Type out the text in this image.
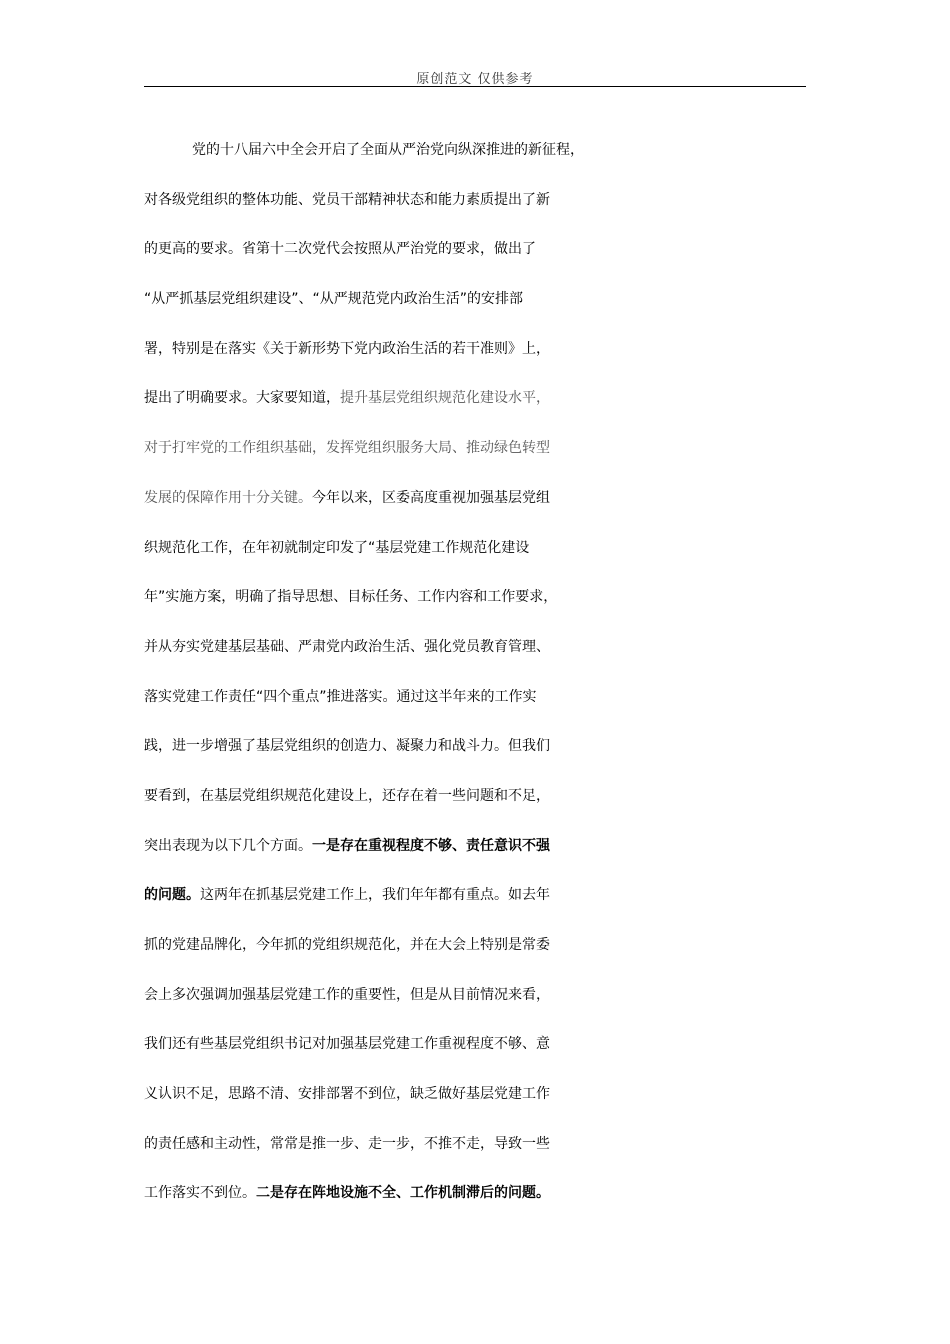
原创范文 仅供参考
党的十八届六中全会开启了全面从严治党向纵深推进的新征程，
对各级党组织的整体功能、党员干部精神状态和能力素质提出了新
的更高的要求。省第十二次党代会按照从严治党的要求，做出了
“从严抓基层党组织建设”、“从严规范党内政治生活”的安排部
署，特别是在落实《关于新形势下党内政治生活的若干准则》上，
提出了明确要求。大家要知道，提升基层党组织规范化建设水平，
对于打牢党的工作组织基础，发挥党组织服务大局、推动绿色转型
发展的保障作用十分关键。今年以来，区委高度重视加强基层党组
织规范化工作，在年初就制定印发了“基层党建工作规范化建设
年”实施方案，明确了指导思想、目标任务、工作内容和工作要求，
并从夯实党建基层基础、严肃党内政治生活、强化党员教育管理、
落实党建工作责任“四个重点”推进落实。通过这半年来的工作实
践，进一步增强了基层党组织的创造力、凝聚力和战斗力。但我们
要看到，在基层党组织规范化建设上，还存在着一些问题和不足，
突出表现为以下几个方面。一是存在重视程度不够、责任意识不强
的问题。这两年在抓基层党建工作上，我们年年都有重点。如去年
抓的党建品牌化，今年抓的党组织规范化，并在大会上特别是常委
会上多次强调加强基层党建工作的重要性，但是从目前情况来看，
我们还有些基层党组织书记对加强基层党建工作重视程度不够、意
义认识不足，思路不清、安排部署不到位，缺乏做好基层党建工作
的责任感和主动性，常常是推一步、走一步，不推不走，导致一些
工作落实不到位。二是存在阵地设施不全、工作机制滞后的问题。
